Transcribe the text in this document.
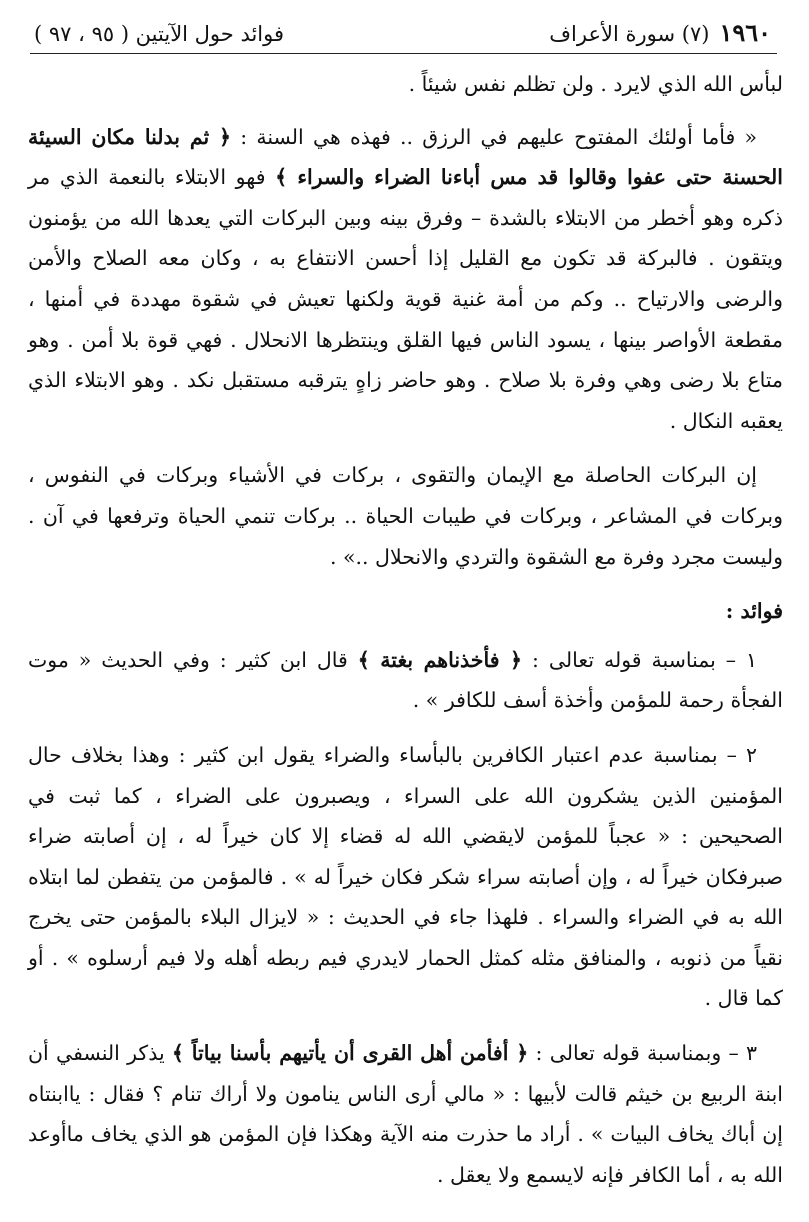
١٩٦٠
(٧) سورة الأعراف
فوائد حول الآيتين ( ٩٥ ، ٩٧ )

لبأس الله الذي لايرد . ولن تظلم نفس شيئاً .

« فأما أولئك المفتوح عليهم في الرزق .. فهذه هي السنة : ﴿ ثم بدلنا مكان السيئة الحسنة حتى عفوا وقالوا قد مس أباءنا الضراء والسراء ﴾ فهو الابتلاء بالنعمة الذي مر ذكره وهو أخطر من الابتلاء بالشدة – وفرق بينه وبين البركات التي يعدها الله من يؤمنون ويتقون . فالبركة قد تكون مع القليل إذا أحسن الانتفاع به ، وكان معه الصلاح والأمن والرضى والارتياح .. وكم من أمة غنية قوية ولكنها تعيش في شقوة مهددة في أمنها ، مقطعة الأواصر بينها ، يسود الناس فيها القلق وينتظرها الانحلال . فهي قوة بلا أمن . وهو متاع بلا رضى وهي وفرة بلا صلاح . وهو حاضر زاهٍ يترقبه مستقبل نكد . وهو الابتلاء الذي يعقبه النكال .

إن البركات الحاصلة مع الإيمان والتقوى ، بركات في الأشياء وبركات في النفوس ، وبركات في المشاعر ، وبركات في طيبات الحياة .. بركات تنمي الحياة وترفعها في آن . وليست مجرد وفرة مع الشقوة والتردي والانحلال ..» .

فوائد :

١ – بمناسبة قوله تعالى : ﴿ فأخذناهم بغتة ﴾ قال ابن كثير : وفي الحديث « موت الفجأة رحمة للمؤمن وأخذة أسف للكافر » .

٢ – بمناسبة عدم اعتبار الكافرين بالبأساء والضراء يقول ابن كثير : وهذا بخلاف حال المؤمنين الذين يشكرون الله على السراء ، ويصبرون على الضراء ، كما ثبت في الصحيحين : « عجباً للمؤمن لايقضي الله له قضاء إلا كان خيراً له ، إن أصابته ضراء صبرفكان خيراً له ، وإن أصابته سراء شكر فكان خيراً له » . فالمؤمن من يتفطن لما ابتلاه الله به في الضراء والسراء . فلهذا جاء في الحديث : « لايزال البلاء بالمؤمن حتى يخرج نقياً من ذنوبه ، والمنافق مثله كمثل الحمار لايدري فيم ربطه أهله ولا فيم أرسلوه » . أو كما قال .

٣ – وبمناسبة قوله تعالى : ﴿ أفأمن أهل القرى أن يأتيهم بأسنا بياتاً ﴾ يذكر النسفي أن ابنة الربيع بن خيثم قالت لأبيها : « مالي أرى الناس ينامون ولا أراك تنام ؟ فقال : ياابنتاه إن أباك يخاف البيات » . أراد ما حذرت منه الآية وهكذا فإن المؤمن هو الذي يخاف ماأوعد الله به ، أما الكافر فإنه لايسمع ولا يعقل .
